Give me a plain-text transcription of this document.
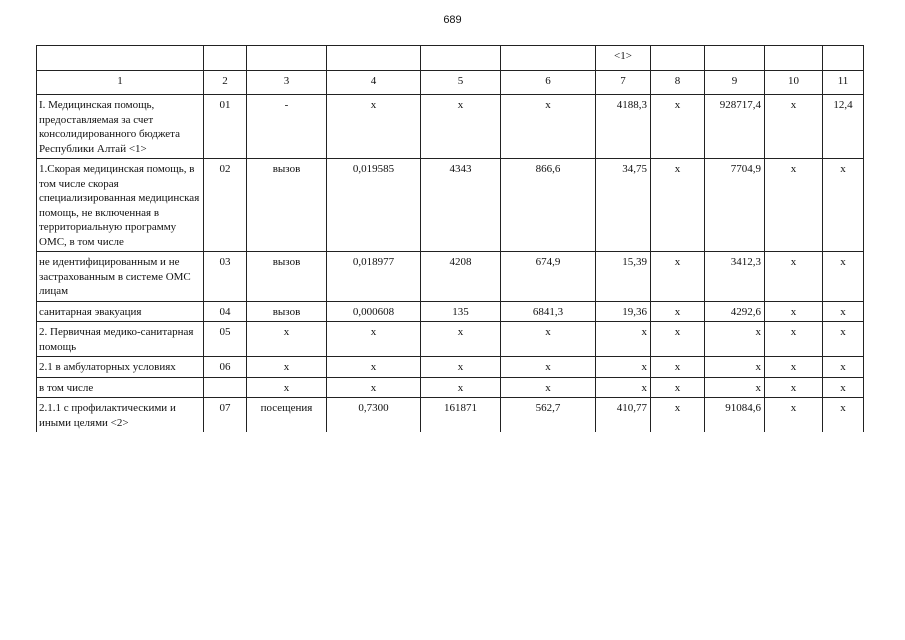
689
						<1>				
1	2	3	4	5	6	7	8	9	10	11
I. Медицинская помощь, предоставляемая за счет консолидированного бюджета Республики Алтай <1>	01	-	х	х	х	4188,3	х	928717,4	х	12,4
1.Скорая медицинская помощь, в том числе скорая специализированная медицинская помощь, не включенная в территориальную программу ОМС, в том числе	02	вызов	0,019585	4343	866,6	34,75	х	7704,9	х	х
не идентифицированным и не застрахованным в системе ОМС лицам	03	вызов	0,018977	4208	674,9	15,39	х	3412,3	х	х
санитарная эвакуация	04	вызов	0,000608	135	6841,3	19,36	х	4292,6	х	х
2. Первичная медико-санитарная помощь	05	х	х	х	х	х	х	х	х	х
2.1 в амбулаторных условиях	06	х	х	х	х	х	х	х	х	х
в том числе		х	х	х	х	х	х	х	х	х
2.1.1 с профилактическими и иными целями <2>	07	посещения	0,7300	161871	562,7	410,77	х	91084,6	х	х
